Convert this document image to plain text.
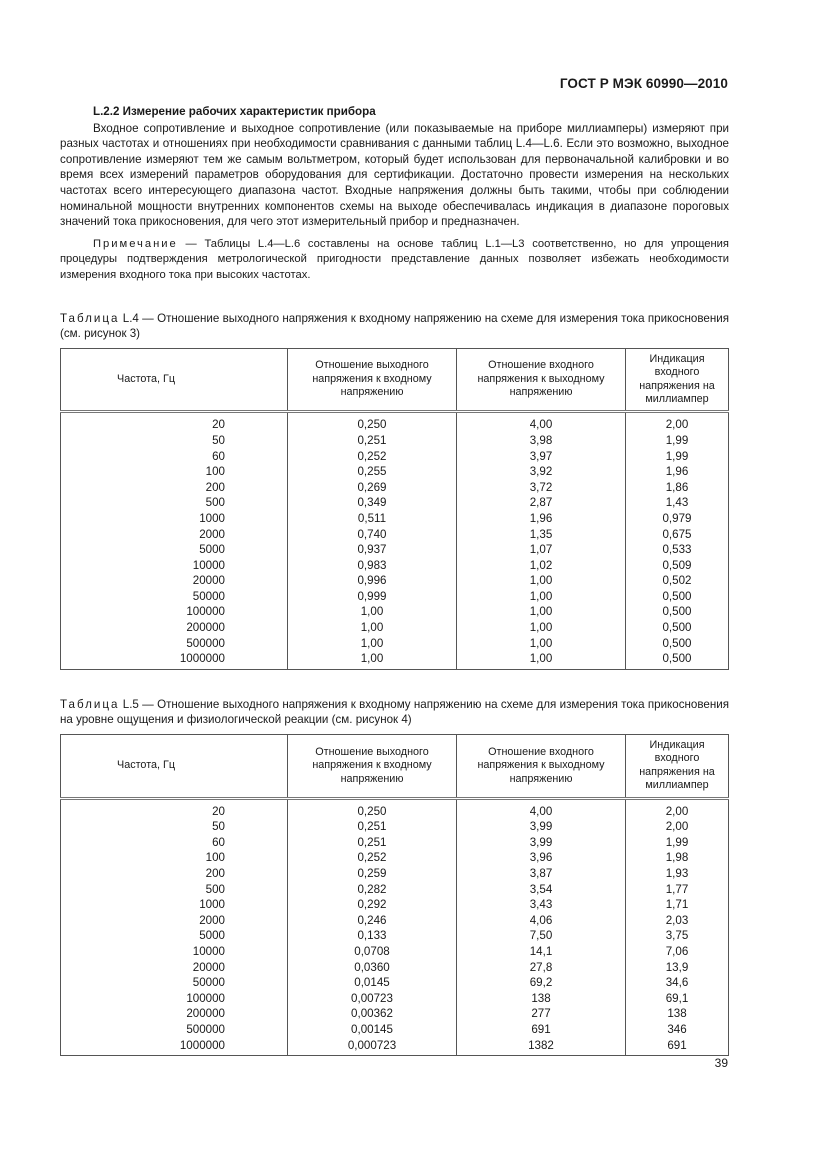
ГОСТ Р МЭК 60990—2010
L.2.2 Измерение рабочих характеристик прибора

Входное сопротивление и выходное сопротивление (или показываемые на приборе миллиамперы) измеряют при разных частотах и отношениях при необходимости сравнивания с данными таблиц L.4—L.6. Если это возможно, выходное сопротивление измеряют тем же самым вольтметром, который будет использован для первоначальной калибровки и во время всех измерений параметров оборудования для сертификации. Достаточно провести измерения на нескольких частотах всего интересующего диапазона частот. Входные напряжения должны быть такими, чтобы при соблюдении номинальной мощности внутренних компонентов схемы на выходе обеспечивалась индикация в диапазоне пороговых значений тока прикосновения, для чего этот измерительный прибор и предназначен.

Примечание — Таблицы L.4—L.6 составлены на основе таблиц L.1—L3 соответственно, но для упрощения процедуры подтверждения метрологической пригодности представление данных позволяет избежать необходимости измерения входного тока при высоких частотах.

Таблица L.4 — Отношение выходного напряжения к входному напряжению на схеме для измерения тока прикосновения (см. рисунок 3)
Частота, Гц	Отношение выходного напряжения к входному напряжению	Отношение входного напряжения к выходному напряжению	Индикация входного напряжения на миллиампер

20	0,250	4,00	2,00
50	0,251	3,98	1,99
60	0,252	3,97	1,99
100	0,255	3,92	1,96
200	0,269	3,72	1,86
500	0,349	2,87	1,43
1000	0,511	1,96	0,979
2000	0,740	1,35	0,675
5000	0,937	1,07	0,533
10000	0,983	1,02	0,509
20000	0,996	1,00	0,502
50000	0,999	1,00	0,500
100000	1,00	1,00	0,500
200000	1,00	1,00	0,500
500000	1,00	1,00	0,500
1000000	1,00	1,00	0,500
Таблица L.5 — Отношение выходного напряжения к входному напряжению на схеме для измерения тока прикосновения на уровне ощущения и физиологической реакции (см. рисунок 4)
Частота, Гц	Отношение выходного напряжения к входному напряжению	Отношение входного напряжения к выходному напряжению	Индикация входного напряжения на миллиампер

20	0,250	4,00	2,00
50	0,251	3,99	2,00
60	0,251	3,99	1,99
100	0,252	3,96	1,98
200	0,259	3,87	1,93
500	0,282	3,54	1,77
1000	0,292	3,43	1,71
2000	0,246	4,06	2,03
5000	0,133	7,50	3,75
10000	0,0708	14,1	7,06
20000	0,0360	27,8	13,9
50000	0,0145	69,2	34,6
100000	0,00723	138	69,1
200000	0,00362	277	138
500000	0,00145	691	346
1000000	0,000723	1382	691
39
